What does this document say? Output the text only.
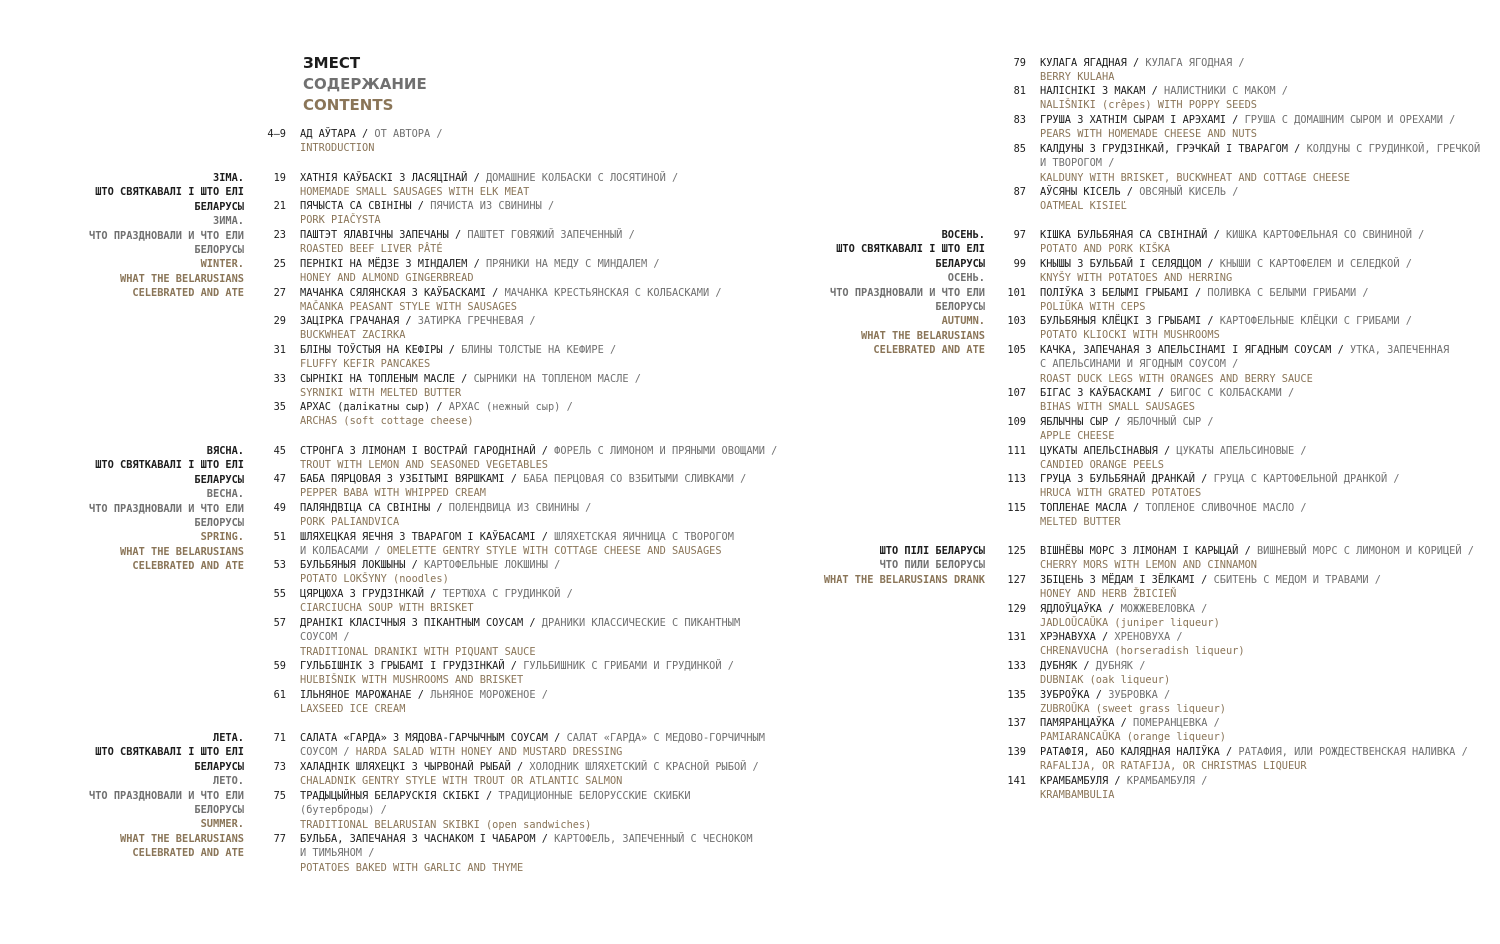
ЗМЕСТ
СОДЕРЖАНИЕ
CONTENTS
ЗІМА.
ШТО СВЯТКАВАЛІ І ШТО ЕЛІ
БЕЛАРУСЫ
ЗИМА.
ЧТО ПРАЗДНОВАЛИ И ЧТО ЕЛИ
БЕЛОРУСЫ
WINTER.
WHAT THE BELARUSIANS
CELEBRATED AND ATE
ВЯСНА.
ШТО СВЯТКАВАЛІ І ШТО ЕЛІ
БЕЛАРУСЫ
ВЕСНА.
ЧТО ПРАЗДНОВАЛИ И ЧТО ЕЛИ
БЕЛОРУСЫ
SPRING.
WHAT THE BELARUSIANS
CELEBRATED AND ATE
ЛЕТА.
ШТО СВЯТКАВАЛІ І ШТО ЕЛІ
БЕЛАРУСЫ
ЛЕТО.
ЧТО ПРАЗДНОВАЛИ И ЧТО ЕЛИ
БЕЛОРУСЫ
SUMMER.
WHAT THE BELARUSIANS
CELEBRATED AND ATE
4–9 АД АЎТАРА / ОТ АВТОРА /
INTRODUCTION
19 ХАТНІЯ КАЎБАСКІ З ЛАСЯЦІНАЙ / ДОМАШНИЕ КОЛБАСКИ С ЛОСЯТИНОЙ /
HOMEMADE SMALL SAUSAGES WITH ELK MEAT
21 ПЯЧЫСТА СА СВІНІНЫ / ПЯЧИСТА ИЗ СВИНИНЫ /
PORK PIAČYSTA
23 ПАШТЭТ ЯЛАВІЧНЫ ЗАПЕЧАНЫ / ПАШТЕТ ГОВЯЖИЙ ЗАПЕЧЕННЫЙ /
ROASTED BEEF LIVER PÂTÉ
25 ПЕРНІКІ НА МЁДЗЕ З МІНДАЛЕМ / ПРЯНИКИ НА МЕДУ С МИНДАЛЕМ /
HONEY AND ALMOND GINGERBREAD
27 МАЧАНКА СЯЛЯНСКАЯ З КАЎБАСКАМІ / МАЧАНКА КРЕСТЬЯНСКАЯ С КОЛБАСКАМИ /
MAČANKA PEASANT STYLE WITH SAUSAGES
29 ЗАЦІРКА ГРАЧАНАЯ / ЗАТИРКА ГРЕЧНЕВАЯ /
BUCKWHEAT ZACIRKA
31 БЛІНЫ ТОЎСТЫЯ НА КЕФІРЫ / БЛИНЫ ТОЛСТЫЕ НА КЕФИРЕ /
FLUFFY KEFIR PANCAKES
33 СЫРНІКІ НА ТОПЛЕНЫМ МАСЛЕ / СЫРНИКИ НА ТОПЛЕНОМ МАСЛЕ /
SYRNIKI WITH MELTED BUTTER
35 АРХАС (далікатны сыр) / АРХАС (нежный сыр) /
ARCHAS (soft cottage cheese)
45 СТРОНГА З ЛІМОНАМ І ВОСТРАЙ ГАРОДНІНАЙ / ФОРЕЛЬ С ЛИМОНОМ И ПРЯНЫМИ ОВОЩАМИ /
TROUT WITH LEMON AND SEASONED VEGETABLES
47 БАБА ПЯРЦОВАЯ З УЗБІТЫМІ ВЯРШКАМІ / БАБА ПЕРЦОВАЯ СО ВЗБИТЫМИ СЛИВКАМИ /
PEPPER BABA WITH WHIPPED CREAM
49 ПАЛЯНДВІЦА СА СВІНІНЫ / ПОЛЕНДВИЦА ИЗ СВИНИНЫ /
PORK PALIANDVICA
51 ШЛЯХЕЦКАЯ ЯЕЧНЯ З ТВАРАГОМ І КАЎБАСАМІ / ШЛЯХЕТСКАЯ ЯИЧНИЦА С ТВОРОГОМ
И КОЛБАСАМИ / OMELETTE GENTRY STYLE WITH COTTAGE CHEESE AND SAUSAGES
53 БУЛЬБЯНЫЯ ЛОКШЫНЫ / КАРТОФЕЛЬНЫЕ ЛОКШИНЫ /
POTATO LOKŠYNY (noodles)
55 ЦЯРЦЮХА З ГРУДЗІНКАЙ / ТЕРТЮХА С ГРУДИНКОЙ /
CIARCIUCHA SOUP WITH BRISKET
57 ДРАНІКІ КЛАСІЧНЫЯ З ПІКАНТНЫМ СОУСАМ / ДРАНИКИ КЛАССИЧЕСКИЕ С ПИКАНТНЫМ
СОУСОМ /
TRADITIONAL DRANIKI WITH PIQUANT SAUCE
59 ГУЛЬБІШНІК З ГРЫБАМІ І ГРУДЗІНКАЙ / ГУЛЬБИШНИК С ГРИБАМИ И ГРУДИНКОЙ /
HUĽBIŠNIK WITH MUSHROOMS AND BRISKET
61 ІЛЬНЯНОЕ МАРОЖАНАЕ / ЛЬНЯНОЕ МОРОЖЕНОЕ /
LAXSEED ICE CREAM
71 САЛАТА «ГАРДА» З МЯДОВА-ГАРЧЫЧНЫМ СОУСАМ / САЛАТ «ГАРДА» С МЕДОВО-ГОРЧИЧНЫМ
СОУСОМ / HARDA SALAD WITH HONEY AND MUSTARD DRESSING
73 ХАЛАДНІК ШЛЯХЕЦКІ З ЧЫРВОНАЙ РЫБАЙ / ХОЛОДНИК ШЛЯХЕТСКИЙ С КРАСНОЙ РЫБОЙ /
CHALADNIK GENTRY STYLE WITH TROUT OR ATLANTIC SALMON
75 ТРАДЫЦЫЙНЫЯ БЕЛАРУСКІЯ СКІБКІ / ТРАДИЦИОННЫЕ БЕЛОРУССКИЕ СКИБКИ
(бутерброды) /
TRADITIONAL BELARUSIAN SKIBKI (open sandwiches)
77 БУЛЬБА, ЗАПЕЧАНАЯ З ЧАСНАКОМ І ЧАБАРОМ / КАРТОФЕЛЬ, ЗАПЕЧЕННЫЙ С ЧЕСНОКОМ
И ТИМЬЯНОМ /
POTATOES BAKED WITH GARLIC AND THYME
ВОСЕНЬ.
ШТО СВЯТКАВАЛІ І ШТО ЕЛІ
БЕЛАРУСЫ
ОСЕНЬ.
ЧТО ПРАЗДНОВАЛИ И ЧТО ЕЛИ
БЕЛОРУСЫ
AUTUMN.
WHAT THE BELARUSIANS
CELEBRATED AND ATE
ШТО ПІЛІ БЕЛАРУСЫ
ЧТО ПИЛИ БЕЛОРУСЫ
WHAT THE BELARUSIANS DRANK
79 КУЛАГА ЯГАДНАЯ / КУЛАГА ЯГОДНАЯ /
BERRY KULAHA
81 НАЛІСНІКІ З МАКАМ / НАЛИСТНИКИ С МАКОМ /
NALIŠNIKI (crêpes) WITH POPPY SEEDS
83 ГРУША З ХАТНІМ СЫРАМ І АРЭХАМІ / ГРУША С ДОМАШНИМ СЫРОМ И ОРЕХАМИ /
PEARS WITH HOMEMADE CHEESE AND NUTS
85 КАЛДУНЫ З ГРУДЗІНКАЙ, ГРЭЧКАЙ І ТВАРАГОМ / КОЛДУНЫ С ГРУДИНКОЙ, ГРЕЧКОЙ
И ТВОРОГОМ /
KALDUNY WITH BRISKET, BUCKWHEAT AND COTTAGE CHEESE
87 АЎСЯНЫ КІСЕЛЬ / ОВСЯНЫЙ КИСЕЛЬ /
OATMEAL KISIEĽ
97 КІШКА БУЛЬБЯНАЯ СА СВІНІНАЙ / КИШКА КАРТОФЕЛЬНАЯ СО СВИНИНОЙ /
POTATO AND PORK KIŠKA
99 КНЫШЫ З БУЛЬБАЙ І СЕЛЯДЦОМ / КНЫШИ С КАРТОФЕЛЕМ И СЕЛЕДКОЙ /
KNYŠY WITH POTATOES AND HERRING
101 ПОЛІЎКА З БЕЛЫМІ ГРЫБАМІ / ПОЛИВКА С БЕЛЫМИ ГРИБАМИ /
POLIŬKA WITH CEPS
103 БУЛЬБЯНЫЯ КЛЁЦКІ З ГРЫБАМІ / КАРТОФЕЛЬНЫЕ КЛЁЦКИ С ГРИБАМИ /
POTATO KLIOCKI WITH MUSHROOMS
105 КАЧКА, ЗАПЕЧАНАЯ З АПЕЛЬСІНАМІ І ЯГАДНЫМ СОУСАМ / УТКА, ЗАПЕЧЕННАЯ
С АПЕЛЬСИНАМИ И ЯГОДНЫМ СОУСОМ /
ROAST DUCK LEGS WITH ORANGES AND BERRY SAUCE
107 БІГАС З КАЎБАСКАМІ / БИГОС С КОЛБАСКАМИ /
BIHAS WITH SMALL SAUSAGES
109 ЯБЛЫЧНЫ СЫР / ЯБЛОЧНЫЙ СЫР /
APPLE CHEESE
111 ЦУКАТЫ АПЕЛЬСІНАВЫЯ / ЦУКАТЫ АПЕЛЬСИНОВЫЕ /
CANDIED ORANGE PEELS
113 ГРУЦА З БУЛЬБЯНАЙ ДРАНКАЙ / ГРУЦА С КАРТОФЕЛЬНОЙ ДРАНКОЙ /
HRUCA WITH GRATED POTATOES
115 ТОПЛЕНАЕ МАСЛА / ТОПЛЕНОЕ СЛИВОЧНОЕ МАСЛО /
MELTED BUTTER
125 ВІШНЁВЫ МОРС З ЛІМОНАМ І КАРЫЦАЙ / ВИШНЕВЫЙ МОРС С ЛИМОНОМ И КОРИЦЕЙ /
CHERRY MORS WITH LEMON AND CINNAMON
127 ЗБІЦЕНЬ З МЁДАМ І ЗЁЛКАМІ / СБИТЕНЬ С МЕДОМ И ТРАВАМИ /
HONEY AND HERB ŽBICIEŇ
129 ЯДЛОЎЦАЎКА / МОЖЖЕВЕЛОВКА /
JADLOŬCAŬKA (juniper liqueur)
131 ХРЭНАВУХА / ХРЕНОВУХА /
CHRENAVUCHA (horseradish liqueur)
133 ДУБНЯК / ДУБНЯК /
DUBNIAK (oak liqueur)
135 ЗУБРОЎКА / ЗУБРОВКА /
ZUBROŬKA (sweet grass liqueur)
137 ПАМЯРАНЦАЎКА / ПОМЕРАНЦЕВКА /
PAMIARANCAŬKA (orange liqueur)
139 РАТАФІЯ, АБО КАЛЯДНАЯ НАЛІЎКА / РАТАФИЯ, ИЛИ РОЖДЕСТВЕНСКАЯ НАЛИВКА /
RAFALIJA, OR RATAFIJA, OR CHRISTMAS LIQUEUR
141 КРАМБАМБУЛЯ / КРАМБАМБУЛЯ /
KRAMBAMBULIA
